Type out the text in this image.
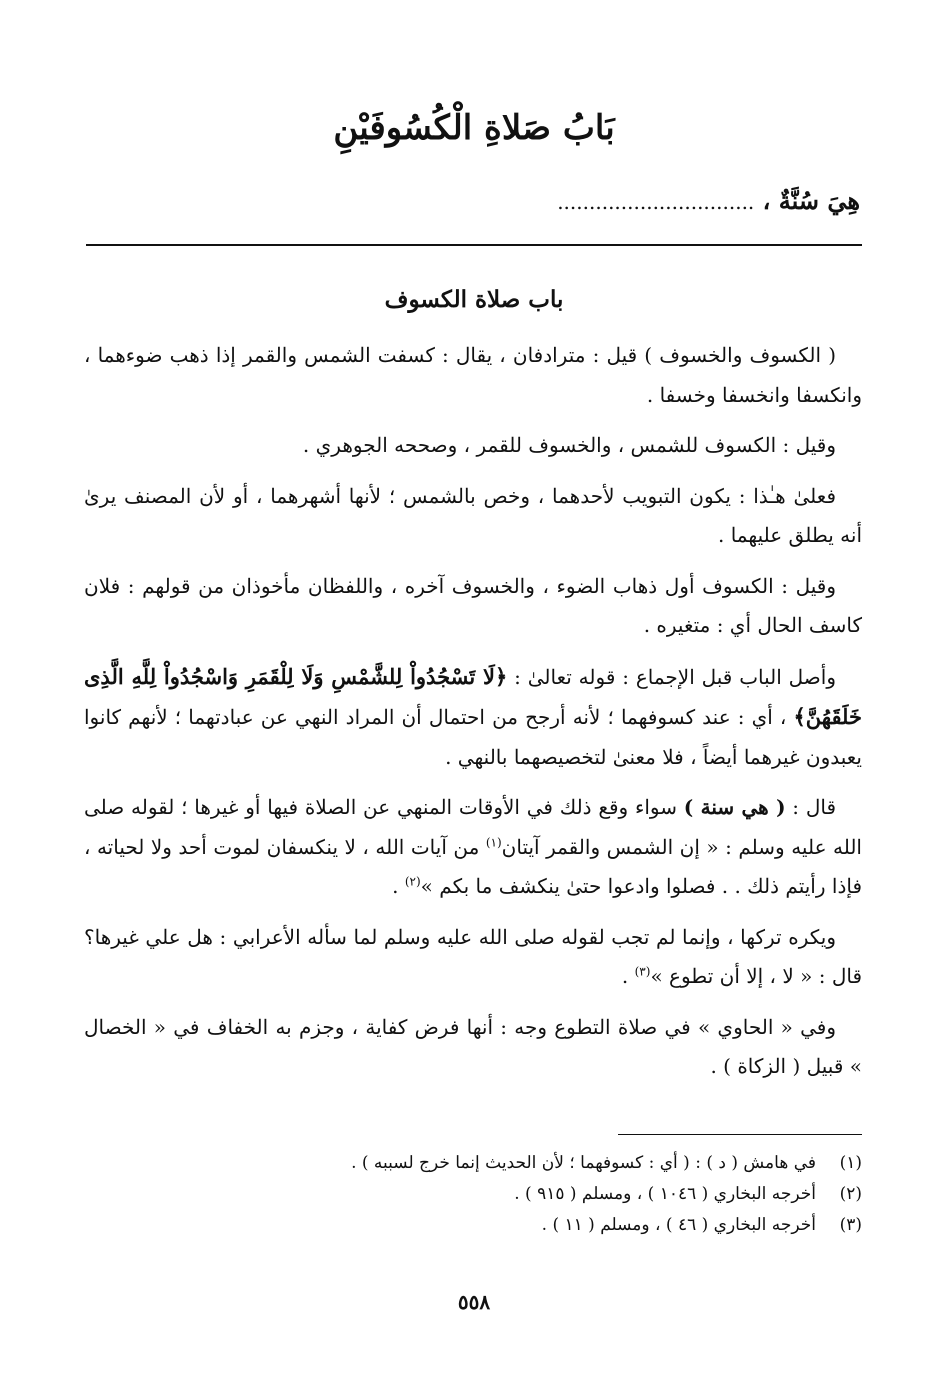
بَابُ صَلاةِ الْكُسُوفَيْنِ
هِيَ سُنَّةٌ ، ...............................
باب صلاة الكسوف

( الكسوف والخسوف ) قيل : مترادفان ، يقال : كسفت الشمس والقمر إذا ذهب ضوءهما ، وانكسفا وانخسفا وخسفا .

وقيل : الكسوف للشمس ، والخسوف للقمر ، وصححه الجوهري .

فعلىٰ هـٰذا : يكون التبويب لأحدهما ، وخص بالشمس ؛ لأنها أشهرهما ، أو لأن المصنف يرىٰ أنه يطلق عليهما .

وقيل : الكسوف أول ذهاب الضوء ، والخسوف آخره ، واللفظان مأخوذان من قولهم : فلان كاسف الحال أي : متغيره .

وأصل الباب قبل الإجماع : قوله تعالىٰ : ﴿لَا تَسْجُدُواْ لِلشَّمْسِ وَلَا لِلْقَمَرِ وَاسْجُدُواْ لِلَّهِ الَّذِى خَلَقَهُنَّ﴾ ، أي : عند كسوفهما ؛ لأنه أرجح من احتمال أن المراد النهي عن عبادتهما ؛ لأنهم كانوا يعبدون غيرهما أيضاً ، فلا معنىٰ لتخصيصهما بالنهي .

قال : ( هي سنة ) سواء وقع ذلك في الأوقات المنهي عن الصلاة فيها أو غيرها ؛ لقوله صلى الله عليه وسلم : « إن الشمس والقمر آيتان$^{(١)}$ من آيات الله ، لا ينكسفان لموت أحد ولا لحياته ، فإذا رأيتم ذلك . . فصلوا وادعوا حتىٰ ينكشف ما بكم »$^{(٢)}$ .

ويكره تركها ، وإنما لم تجب لقوله صلى الله عليه وسلم لما سأله الأعرابي : هل علي غيرها؟ قال : « لا ، إلا أن تطوع »$^{(٣)}$ .

وفي « الحاوي » في صلاة التطوع وجه : أنها فرض كفاية ، وجزم به الخفاف في « الخصال » قبيل ( الزكاة ) .

(١)
في هامش ( د ) : ( أي : كسوفهما ؛ لأن الحديث إنما خرج لسببه ) .
(٢)
أخرجه البخاري ( ١٠٤٦ ) ، ومسلم ( ٩١٥ ) .
(٣)
أخرجه البخاري ( ٤٦ ) ، ومسلم ( ١١ ) .
٥٥٨
